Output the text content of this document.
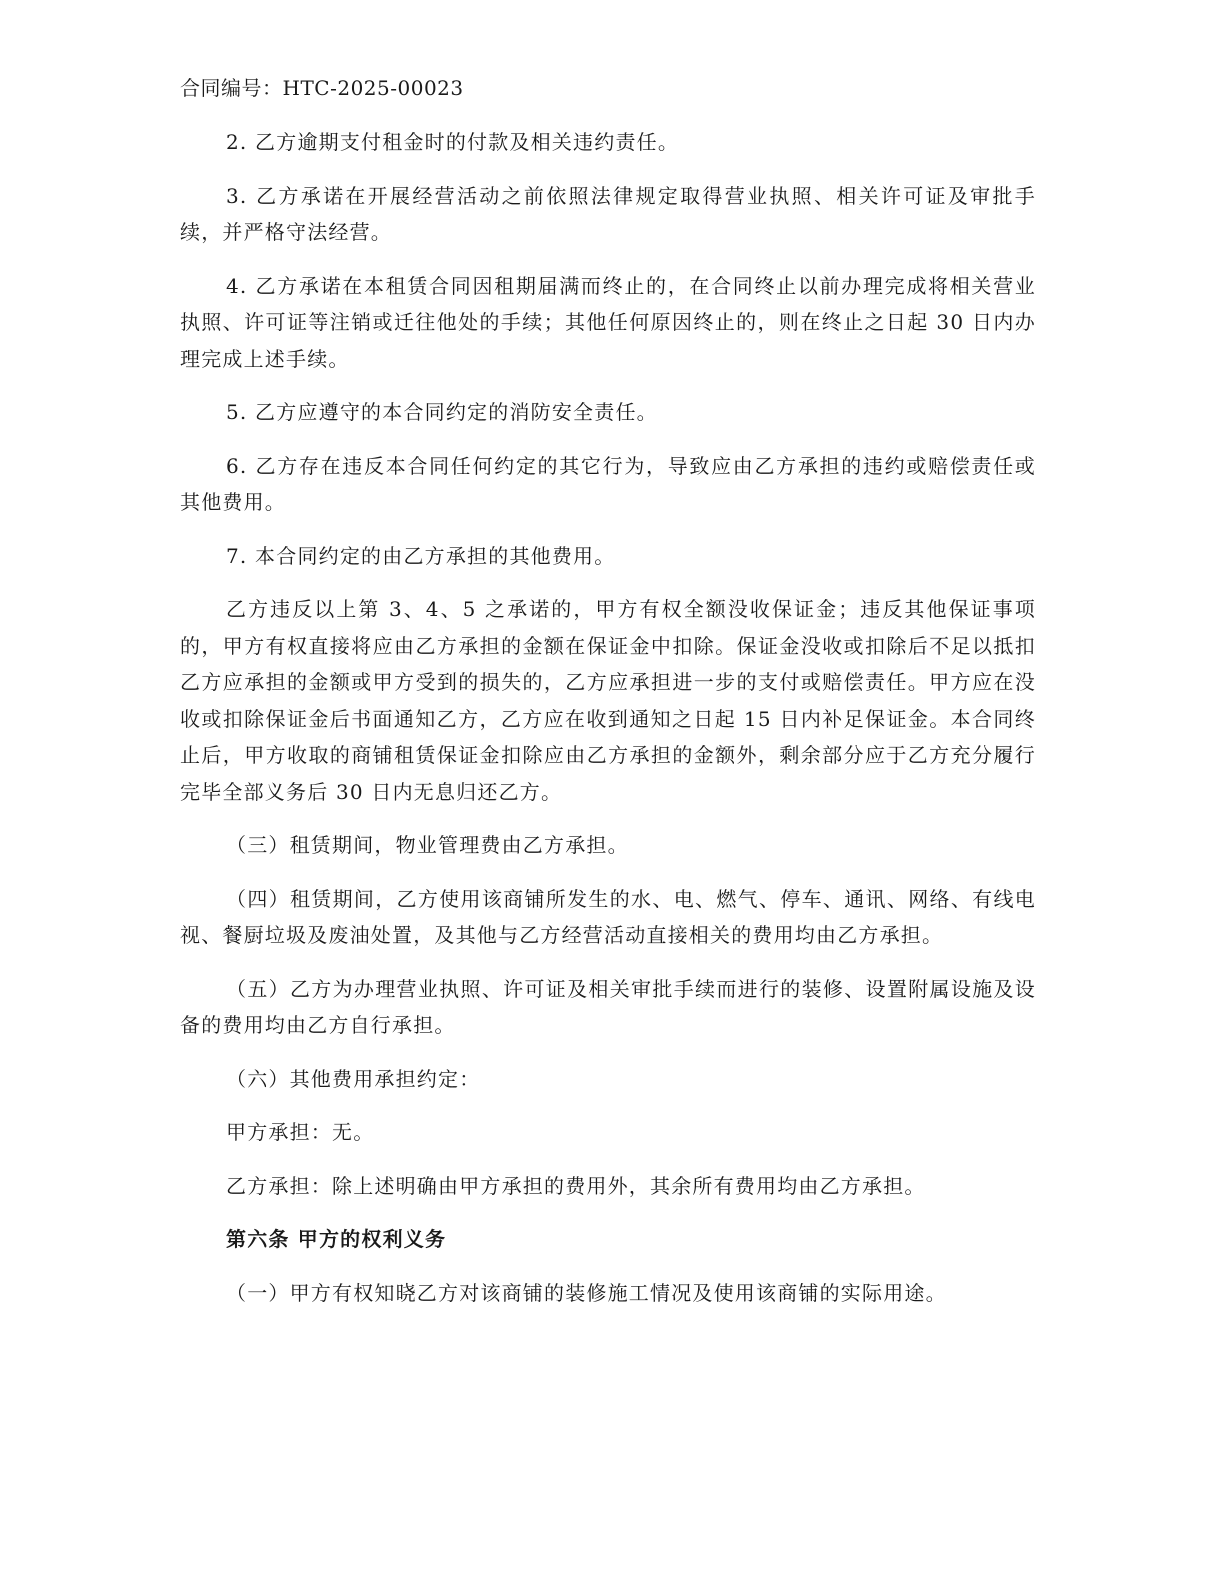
合同编号：HTC-2025-00023

2. 乙方逾期支付租金时的付款及相关违约责任。

3. 乙方承诺在开展经营活动之前依照法律规定取得营业执照、相关许可证及审批手续，并严格守法经营。

4. 乙方承诺在本租赁合同因租期届满而终止的，在合同终止以前办理完成将相关营业执照、许可证等注销或迁往他处的手续；其他任何原因终止的，则在终止之日起 30 日内办理完成上述手续。

5. 乙方应遵守的本合同约定的消防安全责任。

6. 乙方存在违反本合同任何约定的其它行为，导致应由乙方承担的违约或赔偿责任或其他费用。

7. 本合同约定的由乙方承担的其他费用。

乙方违反以上第 3、4、5 之承诺的，甲方有权全额没收保证金；违反其他保证事项的，甲方有权直接将应由乙方承担的金额在保证金中扣除。保证金没收或扣除后不足以抵扣乙方应承担的金额或甲方受到的损失的，乙方应承担进一步的支付或赔偿责任。甲方应在没收或扣除保证金后书面通知乙方，乙方应在收到通知之日起 15 日内补足保证金。本合同终止后，甲方收取的商铺租赁保证金扣除应由乙方承担的金额外，剩余部分应于乙方充分履行完毕全部义务后 30 日内无息归还乙方。

（三）租赁期间，物业管理费由乙方承担。

（四）租赁期间，乙方使用该商铺所发生的水、电、燃气、停车、通讯、网络、有线电视、餐厨垃圾及废油处置，及其他与乙方经营活动直接相关的费用均由乙方承担。

（五）乙方为办理营业执照、许可证及相关审批手续而进行的装修、设置附属设施及设备的费用均由乙方自行承担。

（六）其他费用承担约定：

甲方承担：无。

乙方承担：除上述明确由甲方承担的费用外，其余所有费用均由乙方承担。

第六条 甲方的权利义务

（一）甲方有权知晓乙方对该商铺的装修施工情况及使用该商铺的实际用途。
